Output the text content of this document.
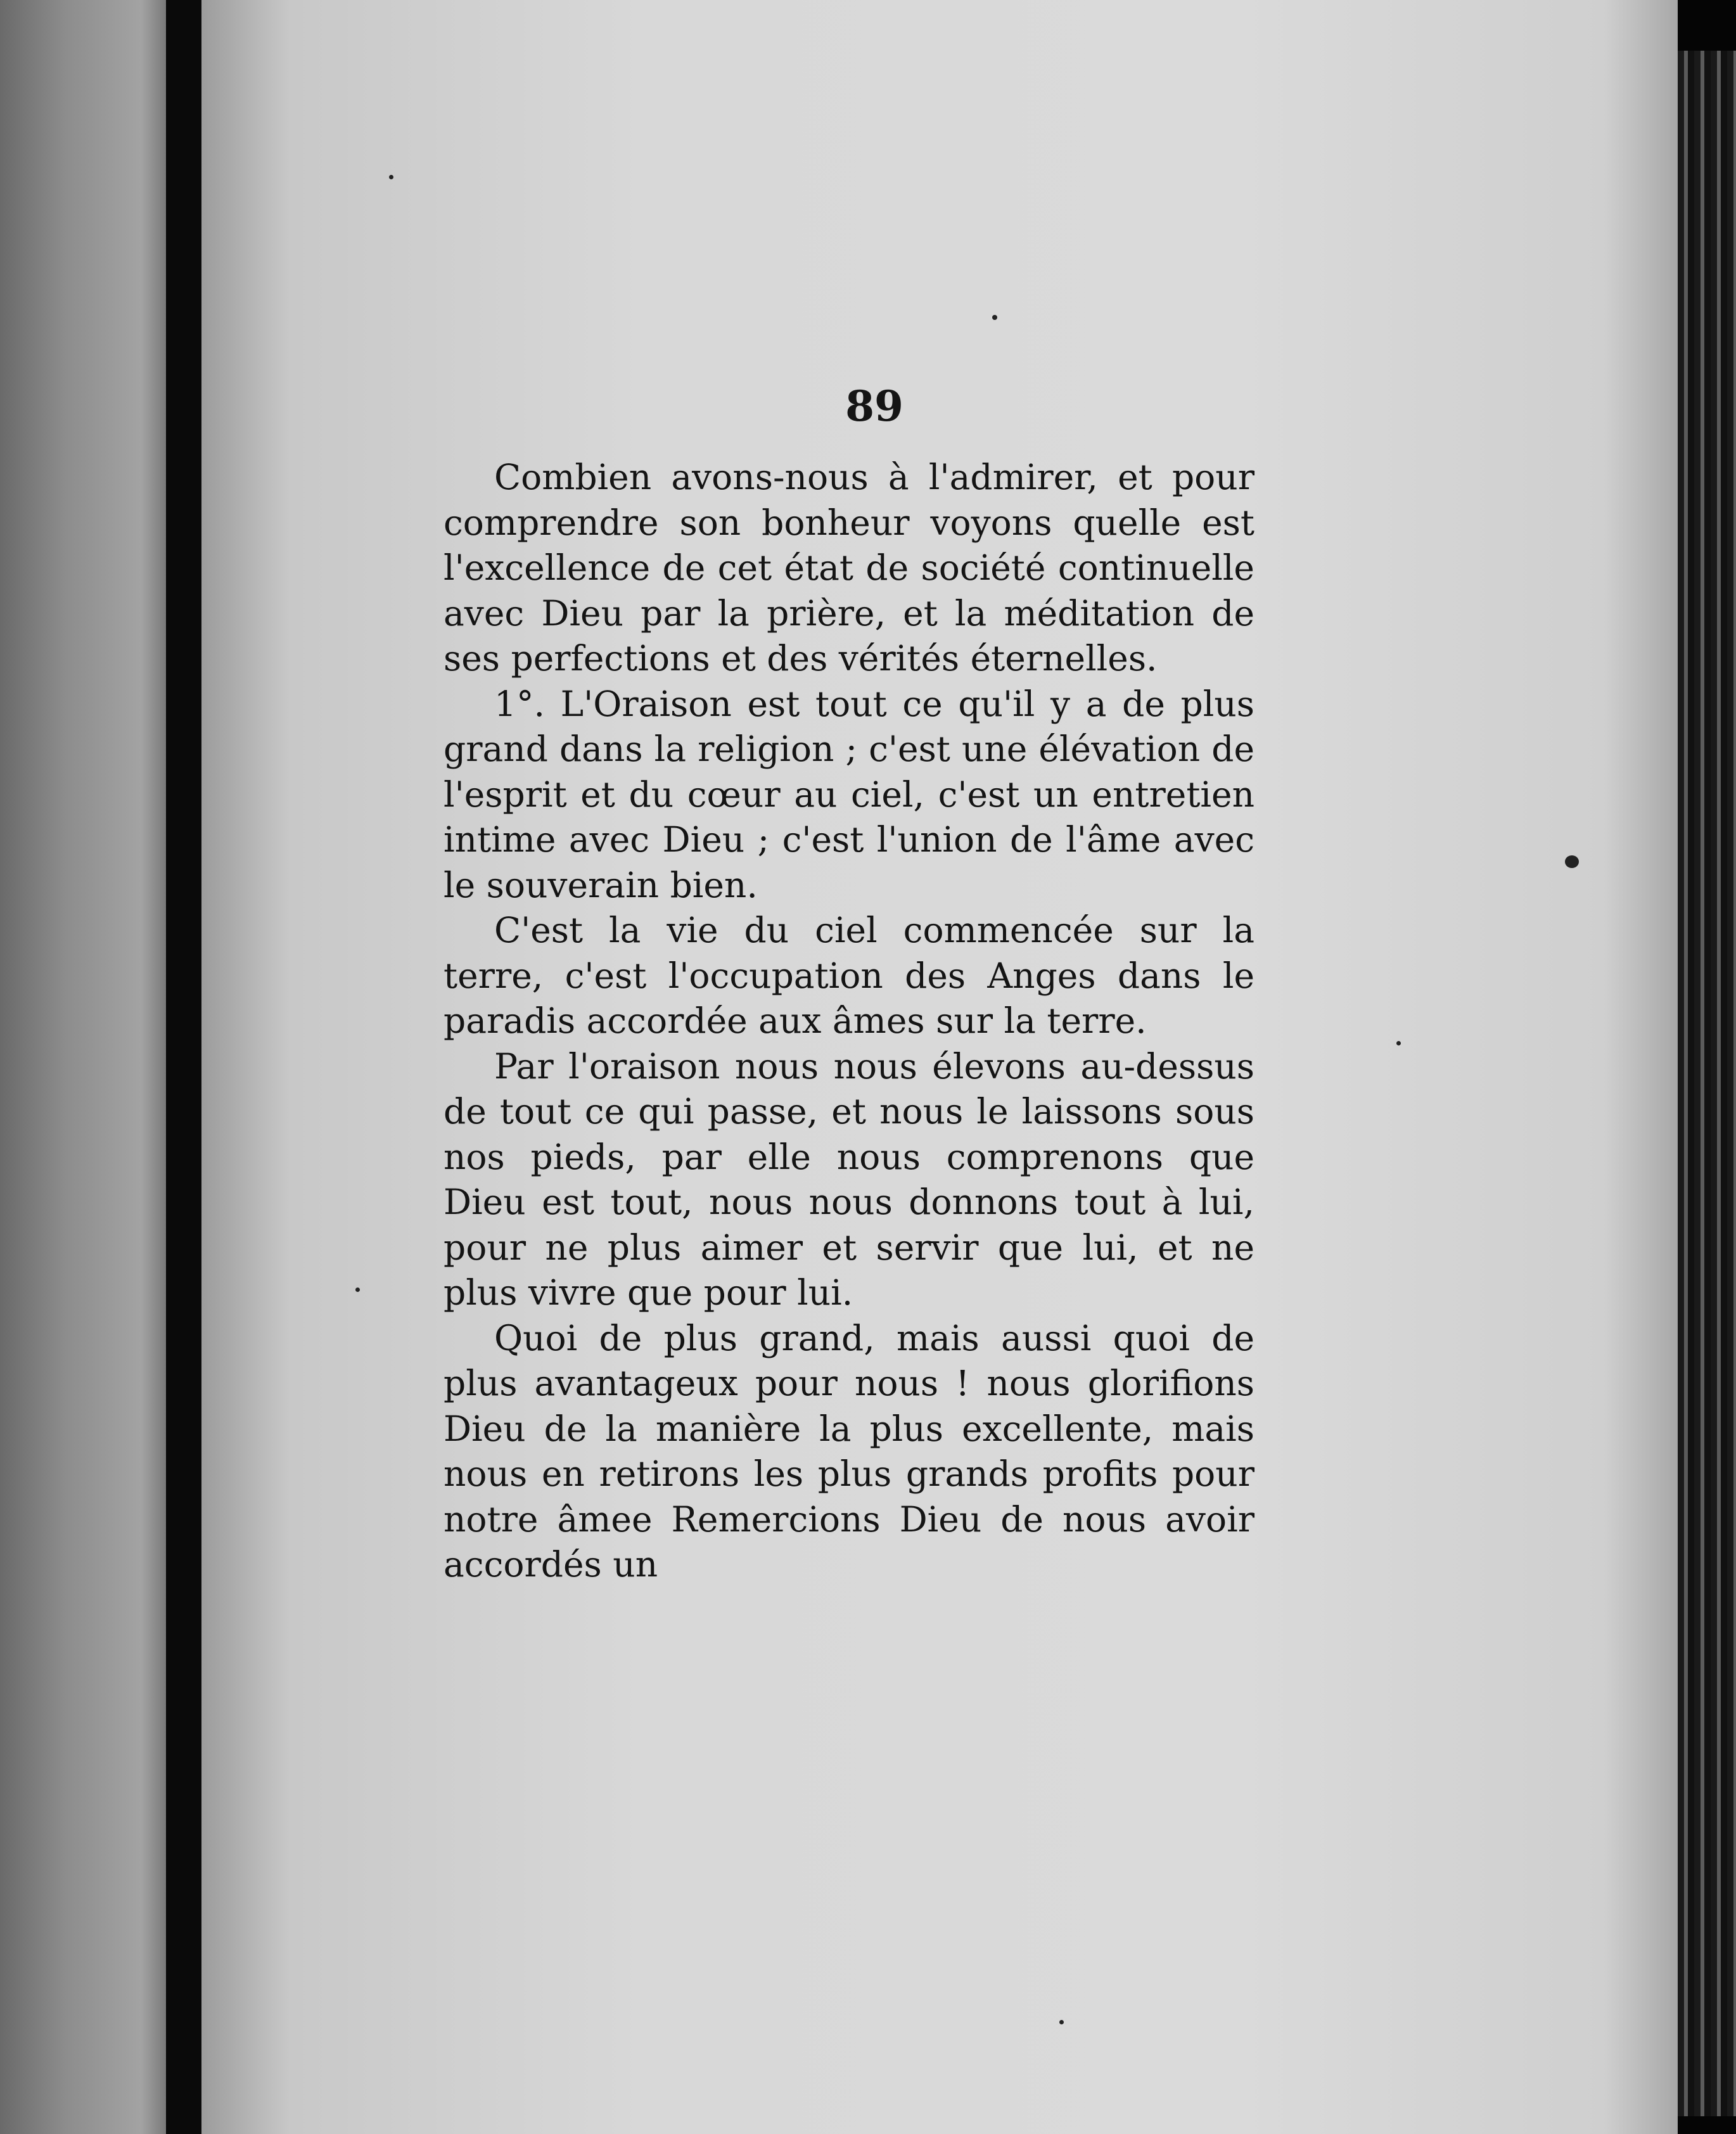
89

Combien avons-nous à l'admirer, et pour comprendre son bonheur voyons quelle est l'excellence de cet état de société continuelle avec Dieu par la prière, et la méditation de ses perfections et des vérités éternelles.

1°. L'Oraison est tout ce qu'il y a de plus grand dans la religion ; c'est une élévation de l'esprit et du cœur au ciel, c'est un entretien intime avec Dieu ; c'est l'union de l'âme avec le souverain bien.

C'est la vie du ciel commencée sur la terre, c'est l'occupation des Anges dans le paradis accordée aux âmes sur la terre.

Par l'oraison nous nous élevons au-dessus de tout ce qui passe, et nous le laissons sous nos pieds, par elle nous comprenons que Dieu est tout, nous nous donnons tout à lui, pour ne plus aimer et servir que lui, et ne plus vivre que pour lui.

Quoi de plus grand, mais aussi quoi de plus avantageux pour nous ! nous glorifions Dieu de la manière la plus excellente, mais nous en retirons les plus grands profits pour notre âmee Remercions Dieu de nous avoir accordés un
